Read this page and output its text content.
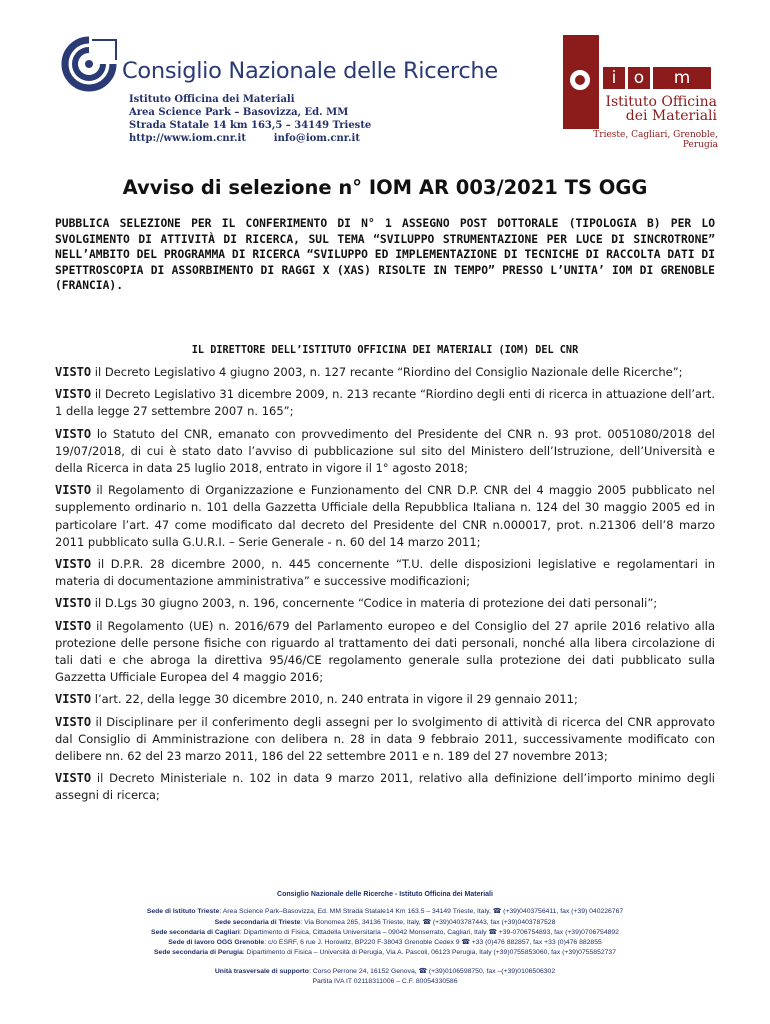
Consiglio Nazionale delle Ricerche
Istituto Officina dei Materiali
Area Science Park – Basovizza, Ed. MM
Strada Statale 14 km 163,5 – 34149 Trieste
http://www.iom.cnr.it        info@iom.cnr.it
i	o	m
Istituto Officina
dei Materiali
Trieste, Cagliari, Grenoble, Perugia
Avviso di selezione n° IOM AR 003/2021 TS OGG
PUBBLICA SELEZIONE PER IL CONFERIMENTO DI N° 1 ASSEGNO POST DOTTORALE (TIPOLOGIA B) PER LO SVOLGIMENTO DI ATTIVITÀ DI RICERCA, SUL TEMA “SVILUPPO STRUMENTAZIONE PER LUCE DI SINCROTRONE” NELL’AMBITO DEL PROGRAMMA DI RICERCA “SVILUPPO ED IMPLEMENTAZIONE DI TECNICHE DI RACCOLTA DATI DI SPETTROSCOPIA DI ASSORBIMENTO DI RAGGI X (XAS) RISOLTE IN TEMPO” PRESSO L’UNITA’ IOM DI GRENOBLE (FRANCIA).
IL DIRETTORE DELL’ISTITUTO OFFICINA DEI MATERIALI (IOM) DEL CNR

VISTO il Decreto Legislativo 4 giugno 2003, n. 127 recante “Riordino del Consiglio Nazionale delle Ricerche”;

VISTO il Decreto Legislativo 31 dicembre 2009, n. 213 recante “Riordino degli enti di ricerca in attuazione dell’art. 1 della legge 27 settembre 2007 n. 165”;

VISTO lo Statuto del CNR, emanato con provvedimento del Presidente del CNR n. 93 prot. 0051080/2018 del 19/07/2018, di cui è stato dato l’avviso di pubblicazione sul sito del Ministero dell’Istruzione, dell’Università e della Ricerca in data 25 luglio 2018, entrato in vigore il 1° agosto 2018;

VISTO il Regolamento di Organizzazione e Funzionamento del CNR D.P. CNR del 4 maggio 2005 pubblicato nel supplemento ordinario n. 101 della Gazzetta Ufficiale della Repubblica Italiana n. 124 del 30 maggio 2005 ed in particolare l’art. 47 come modificato dal decreto del Presidente del CNR n.000017, prot. n.21306 dell’8 marzo 2011 pubblicato sulla G.U.R.I. – Serie Generale - n. 60 del 14 marzo 2011;

VISTO il D.P.R. 28 dicembre 2000, n. 445 concernente “T.U. delle disposizioni legislative e regolamentari in materia di documentazione amministrativa” e successive modificazioni;

VISTO il D.Lgs 30 giugno 2003, n. 196, concernente “Codice in materia di protezione dei dati personali”;

VISTO il Regolamento (UE) n. 2016/679 del Parlamento europeo e del Consiglio del 27 aprile 2016 relativo alla protezione delle persone fisiche con riguardo al trattamento dei dati personali, nonché alla libera circolazione di tali dati e che abroga la direttiva 95/46/CE regolamento generale sulla protezione dei dati pubblicato sulla Gazzetta Ufficiale Europea del 4 maggio 2016;

VISTO l’art. 22, della legge 30 dicembre 2010, n. 240 entrata in vigore il 29 gennaio 2011;

VISTO il Disciplinare per il conferimento degli assegni per lo svolgimento di attività di ricerca del CNR approvato dal Consiglio di Amministrazione con delibera n. 28 in data 9 febbraio 2011, successivamente modificato con delibere nn. 62 del 23 marzo 2011, 186 del 22 settembre 2011 e n. 189 del 27 novembre 2013;

VISTO il Decreto Ministeriale n. 102 in data 9 marzo 2011, relativo alla definizione dell’importo minimo degli assegni di ricerca;

Consiglio Nazionale delle Ricerche - Istituto Officina dei Materiali
Sede di Istituto Trieste: Area Science Park–Basovizza, Ed. MM Strada Statale14 Km 163.5 – 34149 Trieste, Italy, ☎ (+39)0403756411, fax (+39) 040226767
Sede secondaria di Trieste: Via Bonomea 265, 34136 Trieste, Italy, ☎ (+39)0403787443, fax (+39)0403787528
Sede secondaria di Cagliari: Dipartimento di Fisica, Cittadella Universitaria – 09042 Monserrato, Cagliari, Italy ☎ +39-0706754893, fax (+39)0706754892
Sede di lavoro OGG Grenoble: c/o ESRF, 6 rue J. Horowitz, BP220 F-38043 Grenoble Cedex 9 ☎ +33 (0)476 882857, fax +33 (0)476 882855
Sede secondaria di Perugia: Dipartimento di Fisica – Università di Perugia, Via A. Pascoli, 06123 Perugia, Italy (+39)0755853060, fax (+39)0755852737
Unità trasversale di supporto: Corso Perrone 24, 16152 Genova, ☎ (+39)0106598750, fax –(+39)0106506302
Partita IVA IT 02118311006 – C.F. 80054330586
